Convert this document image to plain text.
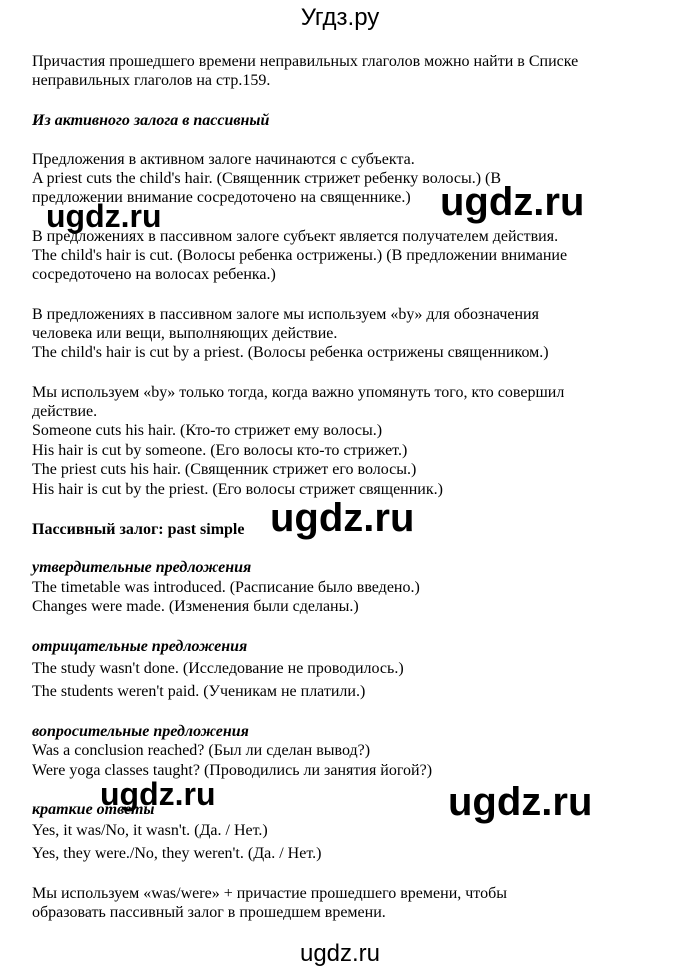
Угдз.ру
Причастия прошедшего времени неправильных глаголов можно найти в Списке
неправильных глаголов на стр.159.
Из активного залога в пассивный
Предложения в активном залоге начинаются с субъекта.
A priest cuts the child's hair. (Священник стрижет ребенку волосы.) (В
предложении внимание сосредоточено на священнике.)
В предложениях в пассивном залоге субъект является получателем действия.
The child's hair is cut. (Волосы ребенка острижены.) (В предложении внимание
сосредоточено на волосах ребенка.)
В предложениях в пассивном залоге мы используем «by» для обозначения
человека или вещи, выполняющих действие.
The child's hair is cut by a priest. (Волосы ребенка острижены священником.)
Мы используем «by» только тогда, когда важно упомянуть того, кто совершил
действие.
Someone cuts his hair. (Кто-то стрижет ему волосы.)
His hair is cut by someone. (Его волосы кто-то стрижет.)
The priest cuts his hair. (Священник стрижет его волосы.)
His hair is cut by the priest. (Его волосы стрижет священник.)
Пассивный залог: past simple
утвердительные предложения
The timetable was introduced. (Расписание было введено.)
Changes were made. (Изменения были сделаны.)
отрицательные предложения
The study wasn't done. (Исследование не проводилось.)
The students weren't paid. (Ученикам не платили.)
вопросительные предложения
Was a conclusion reached? (Был ли сделан вывод?)
Were yoga classes taught? (Проводились ли занятия йогой?)
краткие ответы
Yes, it was/No, it wasn't. (Да. / Нет.)
Yes, they were./No, they weren't. (Да. / Нет.)
Мы используем «was/were» + причастие прошедшего времени, чтобы
образовать пассивный залог в прошедшем времени.
ugdz.ru
ugdz.ru
ugdz.ru
ugdz.ru	ugdz.ru
ugdz.ru
